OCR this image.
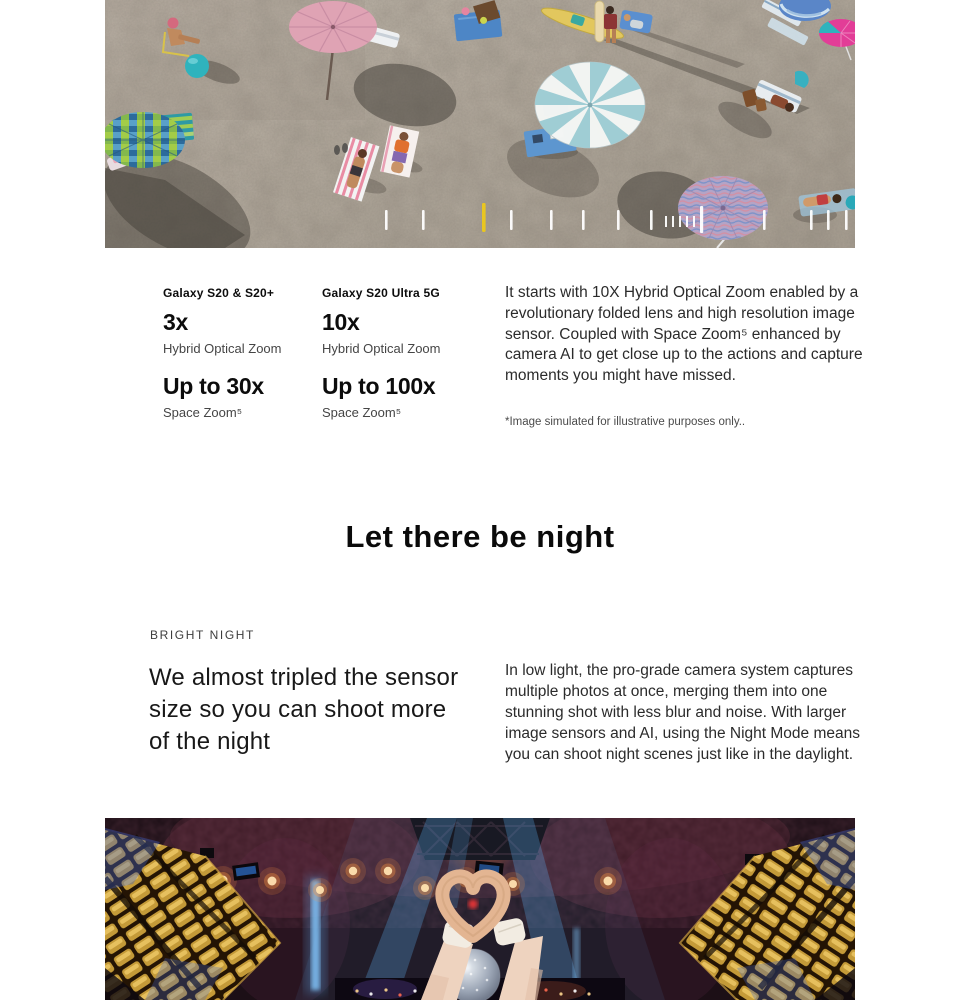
Galaxy S20 & S20+
3x
Hybrid Optical Zoom
Up to 30x
Space Zoom⁵
Galaxy S20 Ultra 5G
10x
Hybrid Optical Zoom
Up to 100x
Space Zoom⁵

It starts with 10X Hybrid Optical Zoom enabled by a revolutionary folded lens and high resolution image sensor. Coupled with Space Zoom⁵ enhanced by camera AI to get close up to the actions and capture moments you might have missed.

*Image simulated for illustrative purposes only..

Let there be night
BRIGHT NIGHT
We almost tripled the sensor size so you can shoot more of the night

In low light, the pro-grade camera system captures multiple photos at once, merging them into one stunning shot with less blur and noise. With larger image sensors and AI, using the Night Mode means you can shoot night scenes just like in the daylight.
